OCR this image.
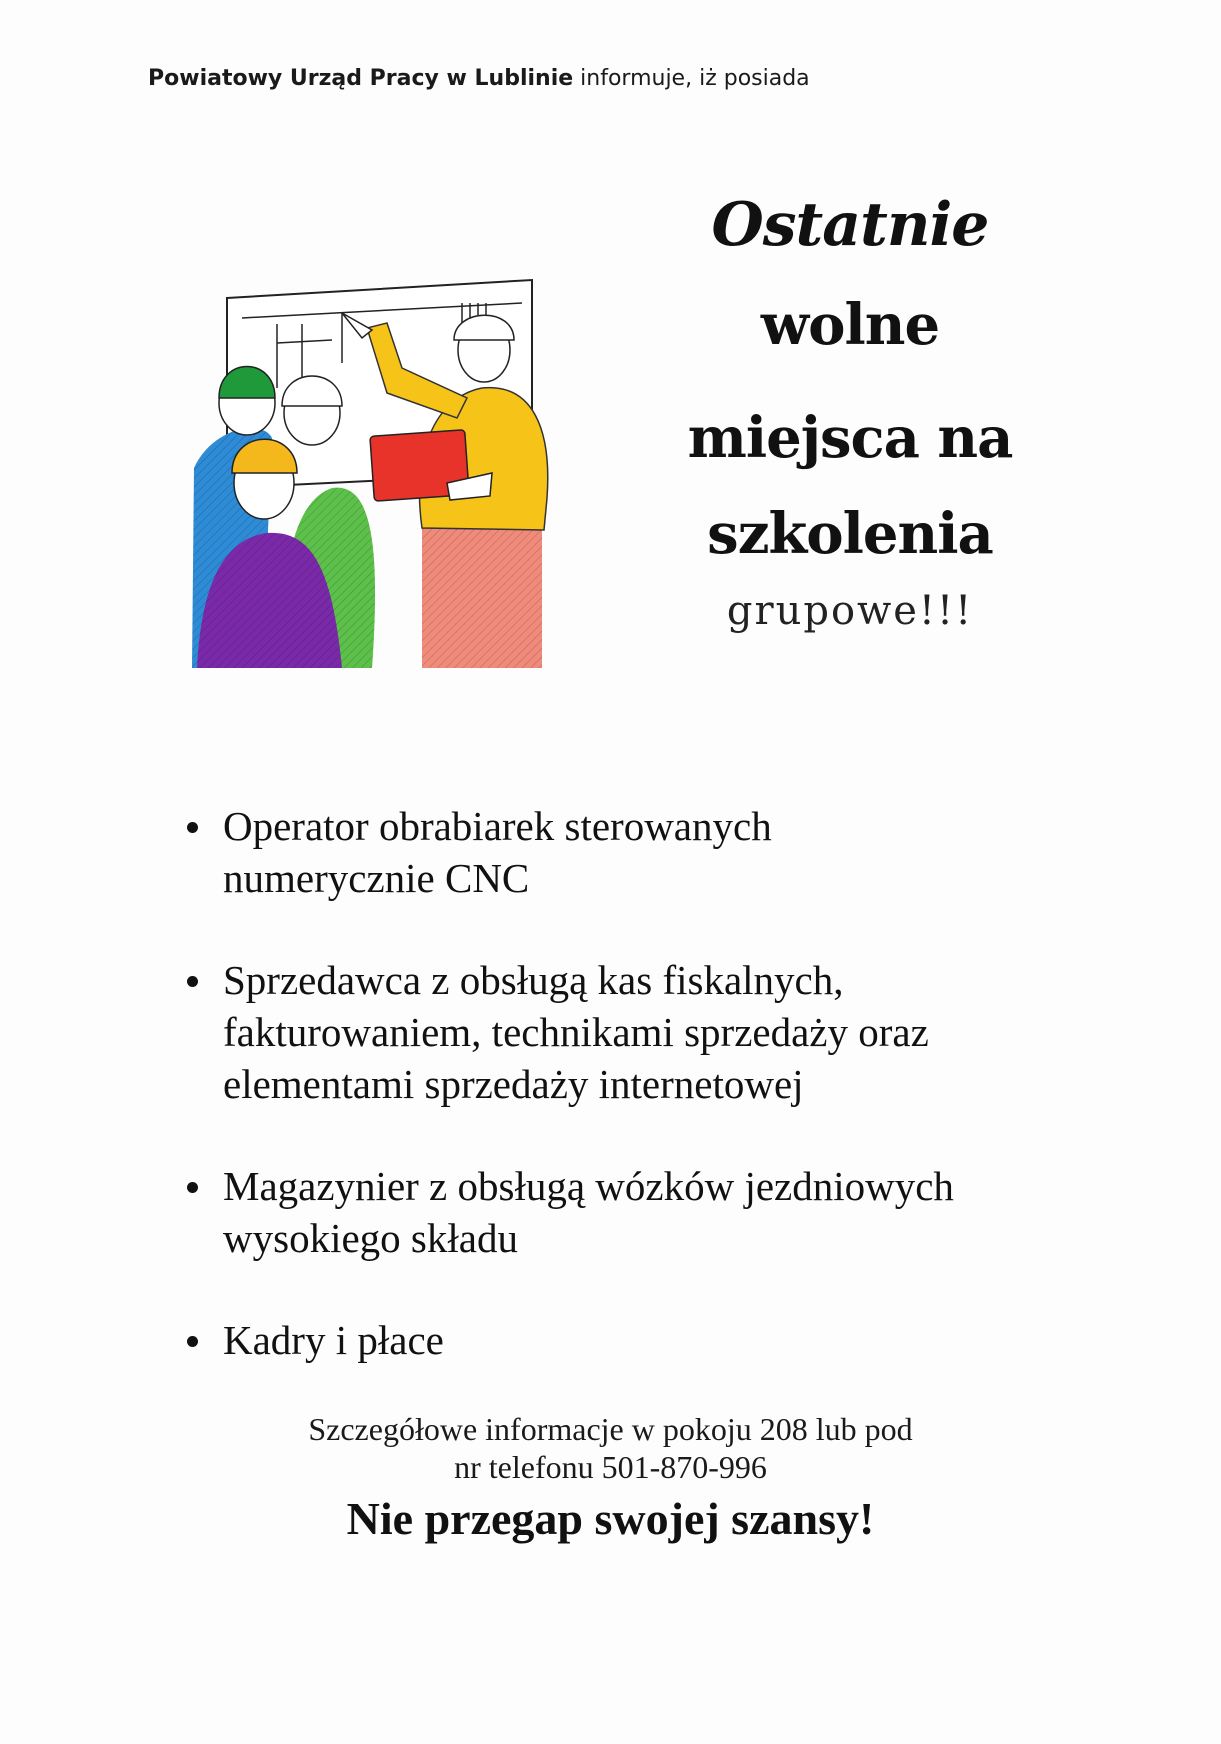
Powiatowy Urząd Pracy w Lublinie informuje, iż posiada
Ostatnie
wolne
miejsca na
szkolenia
grupowe!!!
Operator obrabiarek sterowanych
numerycznie CNC
Sprzedawca z obsługą kas fiskalnych,
fakturowaniem, technikami sprzedaży oraz
elementami sprzedaży internetowej
Magazynier z obsługą wózków jezdniowych
wysokiego składu
Kadry i płace
Szczegółowe informacje w pokoju 208 lub pod
nr telefonu 501-870-996
Nie przegap swojej szansy!
